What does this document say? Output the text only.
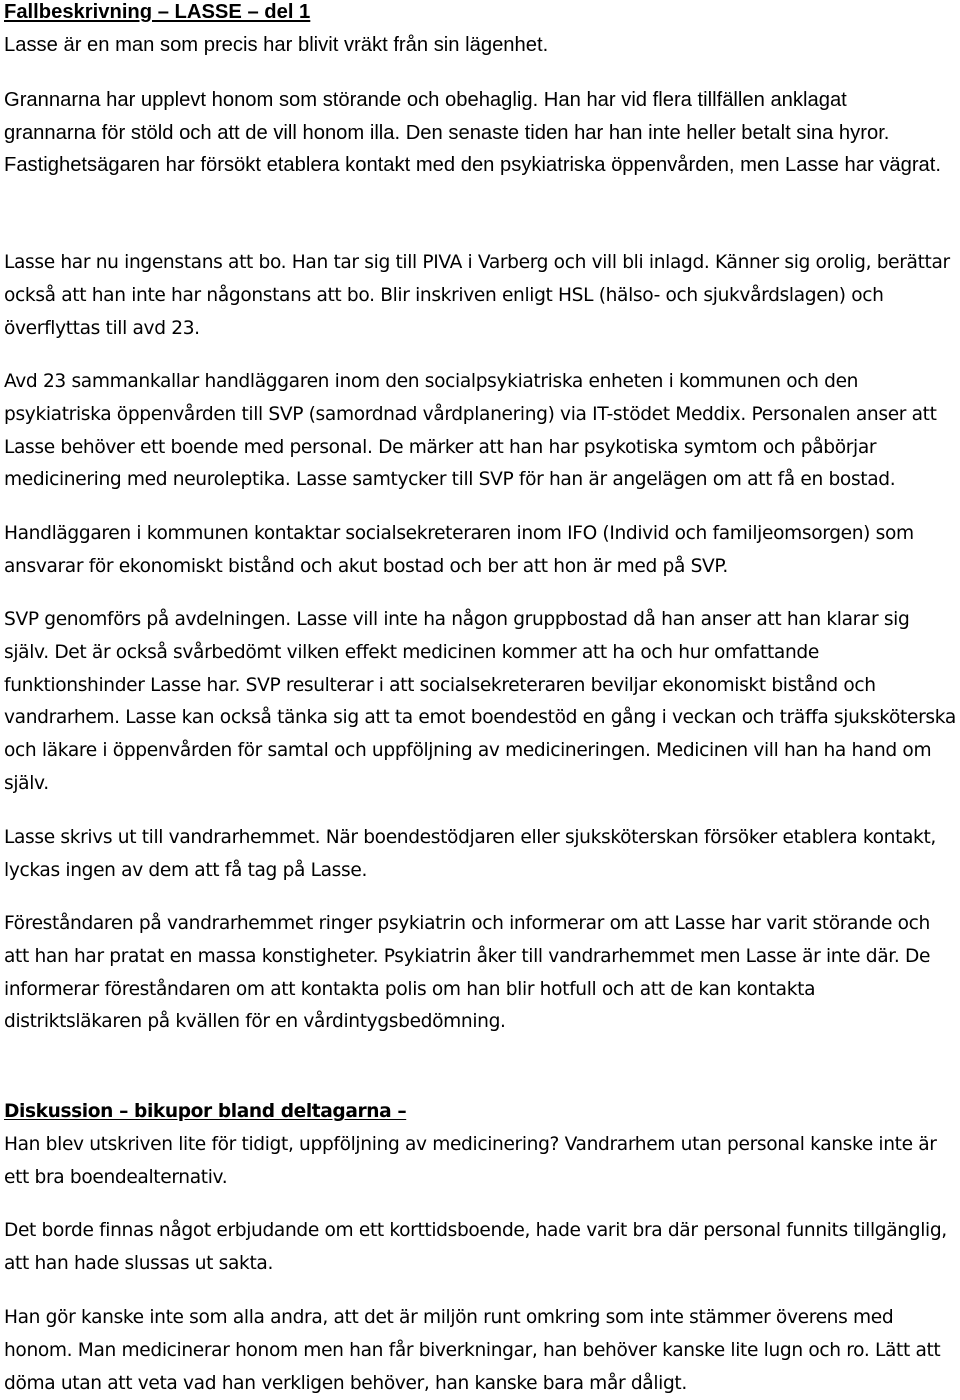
Fallbeskrivning – LASSE – del 1

Lasse är en man som precis har blivit vräkt från sin lägenhet.

Grannarna har upplevt honom som störande och obehaglig. Han har vid flera tillfällen anklagat grannarna för stöld och att de vill honom illa. Den senaste tiden har han inte heller betalt sina hyror. Fastighetsägaren har försökt etablera kontakt med den psykiatriska öppenvården, men Lasse har vägrat.

Lasse har nu ingenstans att bo. Han tar sig till PIVA i Varberg och vill bli inlagd. Känner sig orolig, berättar också att han inte har någonstans att bo. Blir inskriven enligt HSL (hälso- och sjukvårdslagen) och överflyttas till avd 23.

Avd 23 sammankallar handläggaren inom den socialpsykiatriska enheten i kommunen och den psykiatriska öppenvården till SVP (samordnad vårdplanering) via IT-stödet Meddix. Personalen anser att Lasse behöver ett boende med personal. De märker att han har psykotiska symtom och påbörjar medicinering med neuroleptika. Lasse samtycker till SVP för han är angelägen om att få en bostad.

Handläggaren i kommunen kontaktar socialsekreteraren inom IFO (Individ och familjeomsorgen) som ansvarar för ekonomiskt bistånd och akut bostad och ber att hon är med på SVP.

SVP genomförs på avdelningen. Lasse vill inte ha någon gruppbostad då han anser att han klarar sig själv. Det är också svårbedömt vilken effekt medicinen kommer att ha och hur omfattande funktionshinder Lasse har. SVP resulterar i att socialsekreteraren beviljar ekonomiskt bistånd och vandrarhem. Lasse kan också tänka sig att ta emot boendestöd en gång i veckan och träffa sjuksköterska och läkare i öppenvården för samtal och uppföljning av medicineringen. Medicinen vill han ha hand om själv.

Lasse skrivs ut till vandrarhemmet. När boendestödjaren eller sjuksköterskan försöker etablera kontakt, lyckas ingen av dem att få tag på Lasse.

Föreståndaren på vandrarhemmet ringer psykiatrin och informerar om att Lasse har varit störande och att han har pratat en massa konstigheter. Psykiatrin åker till vandrarhemmet men Lasse är inte där. De informerar föreståndaren om att kontakta polis om han blir hotfull och att de kan kontakta distriktsläkaren på kvällen för en vårdintygsbedömning.

Diskussion – bikupor bland deltagarna –

Han blev utskriven lite för tidigt, uppföljning av medicinering? Vandrarhem utan personal kanske inte är ett bra boendealternativ.

Det borde finnas något erbjudande om ett korttidsboende, hade varit bra där personal funnits tillgänglig, att han hade slussas ut sakta.

Han gör kanske inte som alla andra, att det är miljön runt omkring som inte stämmer överens med honom. Man medicinerar honom men han får biverkningar, han behöver kanske lite lugn och ro. Lätt att döma utan att veta vad han verkligen behöver, han kanske bara mår dåligt.
